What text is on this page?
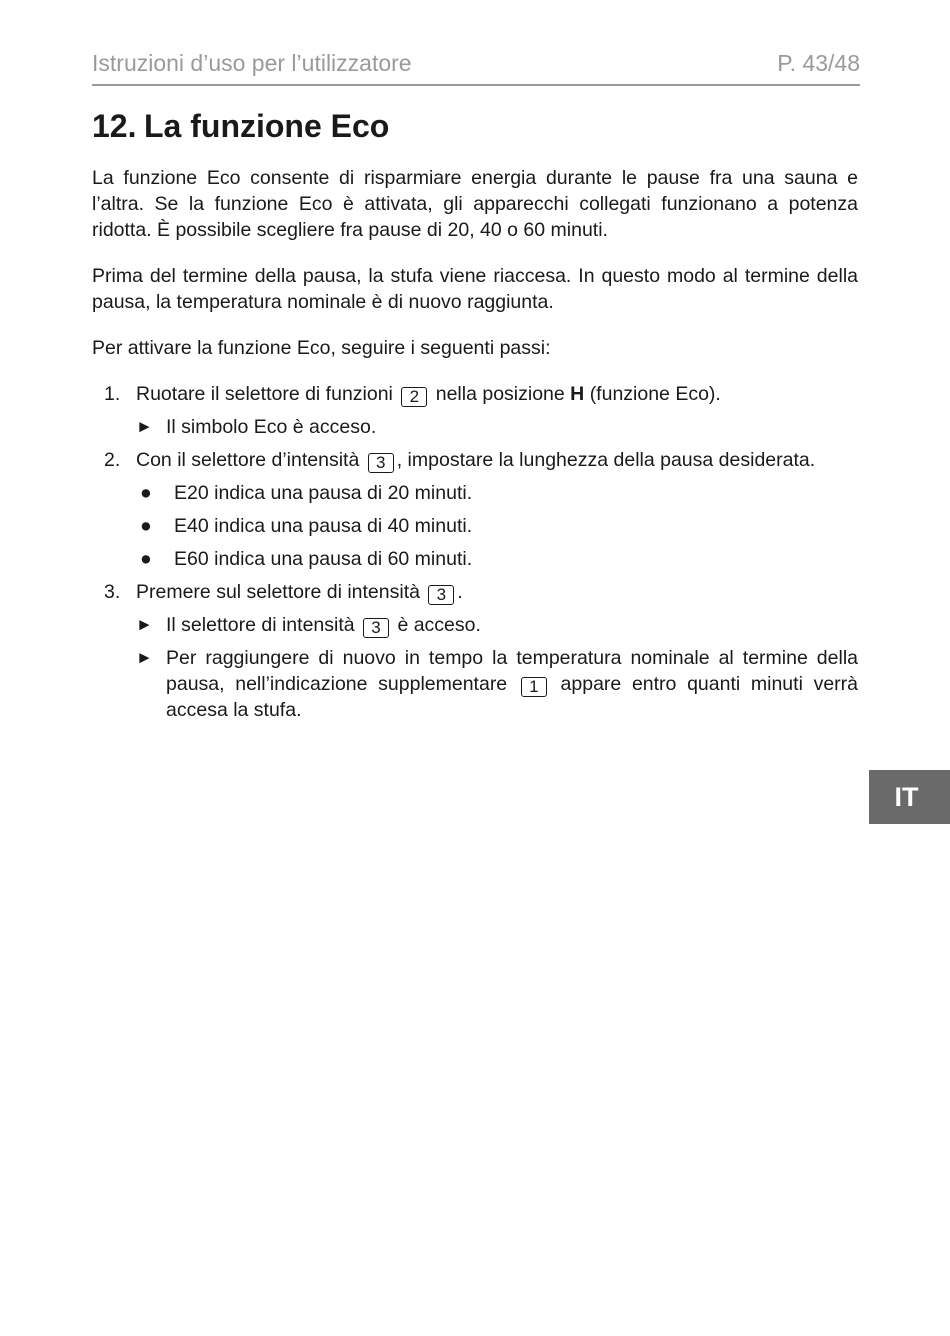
Istruzioni d’uso per l’utilizzatore	P. 43/48
12. La funzione Eco

La funzione Eco consente di risparmiare energia durante le pause fra una sauna e l’altra. Se la funzione Eco è attivata, gli apparecchi collegati funzionano a potenza ridotta. È possibile scegliere fra pause di 20, 40 o 60 minuti.

Prima del termine della pausa, la stufa viene riaccesa. In questo modo al termine della pausa, la temperatura nominale è di nuovo raggiunta.

Per attivare la funzione Eco, seguire i seguenti passi:

1. Ruotare il selettore di funzioni 2 nella posizione H (funzione Eco).
► Il simbolo Eco è acceso.
2. Con il selettore d’intensità 3 , impostare la lunghezza della pausa desiderata.
● E20 indica una pausa di 20 minuti.
● E40 indica una pausa di 40 minuti.
● E60 indica una pausa di 60 minuti.
3. Premere sul selettore di intensità 3 .
► Il selettore di intensità 3 è acceso.
► Per raggiungere di nuovo in tempo la temperatura nominale al termine della pausa, nell’indicazione supplementare 1 appare entro quanti minuti verrà accesa la stufa.
IT
